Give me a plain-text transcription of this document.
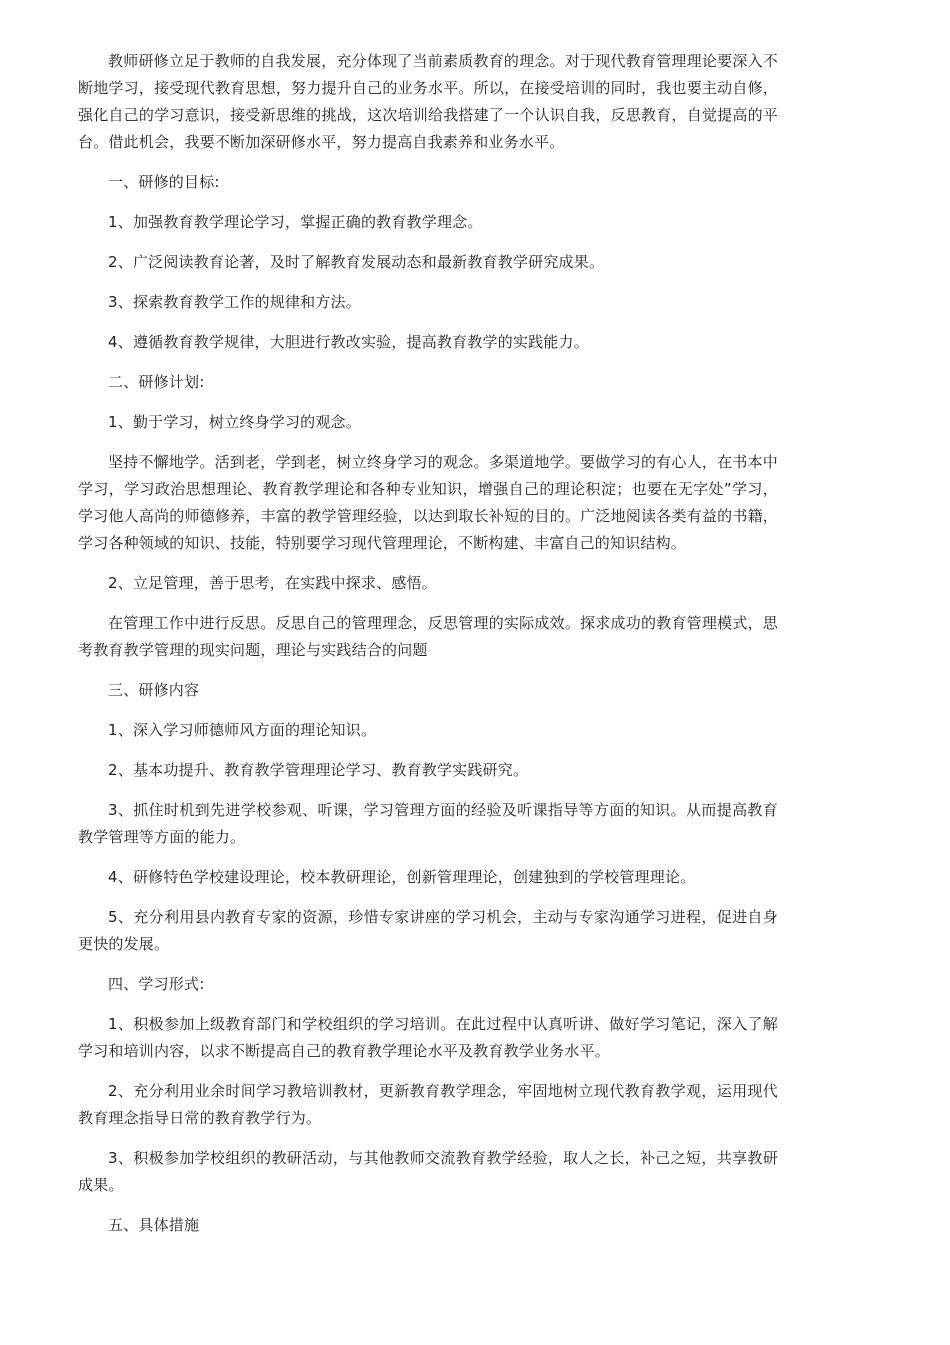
教师研修立足于教师的自我发展，充分体现了当前素质教育的理念。对于现代教育管理理论要深入不断地学习，接受现代教育思想，努力提升自己的业务水平。所以，在接受培训的同时，我也要主动自修，强化自己的学习意识，接受新思维的挑战，这次培训给我搭建了一个认识自我，反思教育，自觉提高的平台。借此机会，我要不断加深研修水平，努力提高自我素养和业务水平。

一、研修的目标:

1、加强教育教学理论学习，掌握正确的教育教学理念。

2、广泛阅读教育论著，及时了解教育发展动态和最新教育教学研究成果。

3、探索教育教学工作的规律和方法。

4、遵循教育教学规律，大胆进行教改实验，提高教育教学的实践能力。

二、研修计划:

1、勤于学习，树立终身学习的观念。

坚持不懈地学。活到老，学到老，树立终身学习的观念。多渠道地学。要做学习的有心人，在书本中学习，学习政治思想理论、教育教学理论和各种专业知识，增强自己的理论积淀；也要在无字处”学习，学习他人高尚的师德修养，丰富的教学管理经验，以达到取长补短的目的。广泛地阅读各类有益的书籍，学习各种领域的知识、技能，特别要学习现代管理理论，不断构建、丰富自己的知识结构。

2、立足管理，善于思考，在实践中探求、感悟。

在管理工作中进行反思。反思自己的管理理念，反思管理的实际成效。探求成功的教育管理模式，思考教育教学管理的现实问题，理论与实践结合的问题

三、研修内容

1、深入学习师德师风方面的理论知识。

2、基本功提升、教育教学管理理论学习、教育教学实践研究。

3、抓住时机到先进学校参观、听课，学习管理方面的经验及听课指导等方面的知识。从而提高教育教学管理等方面的能力。

4、研修特色学校建设理论，校本教研理论，创新管理理论，创建独到的学校管理理论。

5、充分利用县内教育专家的资源，珍惜专家讲座的学习机会，主动与专家沟通学习进程，促进自身更快的发展。

四、学习形式:

1、积极参加上级教育部门和学校组织的学习培训。在此过程中认真听讲、做好学习笔记，深入了解学习和培训内容，以求不断提高自己的教育教学理论水平及教育教学业务水平。

2、充分利用业余时间学习教培训教材，更新教育教学理念，牢固地树立现代教育教学观，运用现代教育理念指导日常的教育教学行为。

3、积极参加学校组织的教研活动，与其他教师交流教育教学经验，取人之长，补己之短，共享教研成果。

五、具体措施
